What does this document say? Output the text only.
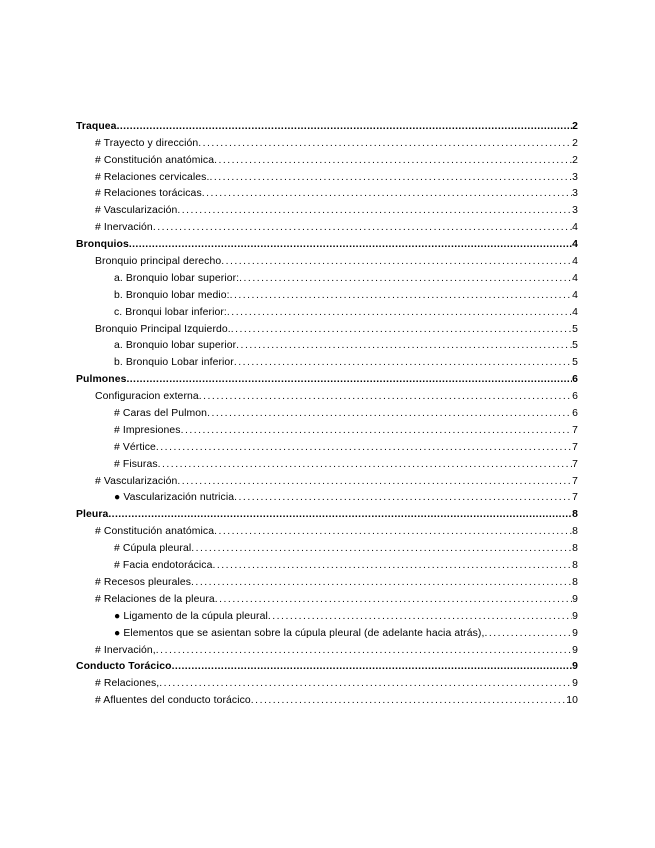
Traquea .....	2
# Trayecto y dirección .....	2
# Constitución anatómica .....	2
# Relaciones cervicales. .....	3
# Relaciones torácicas .....	3
# Vascularización .....	3
# Inervación .....	4
Bronquios .....	4
Bronquio principal derecho .....	4
a. Bronquio lobar superior: .....	4
b. Bronquio lobar medio: .....	4
c. Bronqui lobar inferior: .....	4
Bronquio Principal Izquierdo. .....	5
a. Bronquio lobar superior .....	5
b. Bronquio Lobar inferior .....	5
Pulmones .....	6
Configuracion externa .....	6
# Caras del Pulmon .....	6
# Impresiones .....	7
# Vértice .....	7
# Fisuras .....	7
# Vascularización .....	7
● Vascularización nutricia .....	7
Pleura .....	8
# Constitución anatómica .....	8
# Cúpula pleural .....	8
# Facia endotorácica .....	8
# Recesos pleurales .....	8
# Relaciones de la pleura .....	9
● Ligamento de la cúpula pleural .....	9
● Elementos que se asientan sobre la cúpula pleural (de adelante hacia atrás), .....	9
# Inervación, .....	9
Conducto Torácico .....	9
# Relaciones, .....	9
# Afluentes del conducto torácico .....	10
